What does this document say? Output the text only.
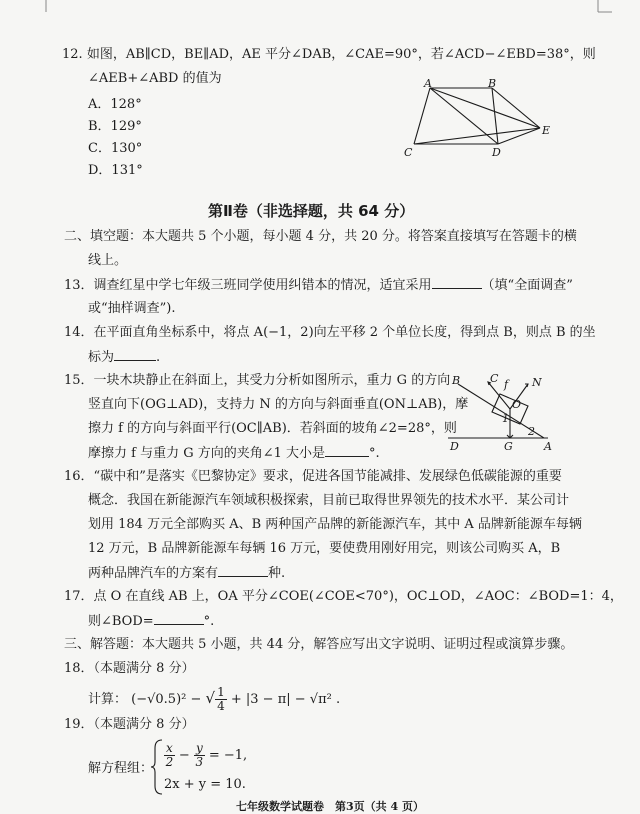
12. 如图，AB∥CD，BE∥AD，AE 平分∠DAB，∠CAE=90°，若∠ACD−∠EBD=38°，则
∠AEB+∠ABD 的值为
A．128°
B．129°
C．130°
D．131°
A	B
C	D
E
第Ⅱ卷（非选择题，共 64 分）
二、填空题：本大题共 5 个小题，每小题 4 分，共 20 分。将答案直接填写在答题卡的横
线上。
13．调查红星中学七年级三班同学使用纠错本的情况，适宜采用	（填“全面调查”
或“抽样调查”).
14．在平面直角坐标系中，将点 A(−1，2)向左平移 2 个单位长度，得到点 B，则点 B 的坐
标为	.
15．一块木块静止在斜面上，其受力分析如图所示，重力 G 的方向
竖直向下(OG⊥AD)，支持力 N 的方向与斜面垂直(ON⊥AB)，摩
擦力 f 的方向与斜面平行(OC∥AB)．若斜面的坡角∠2=28°，则
摩擦力 f 与重力 G 方向的夹角∠1 大小是	°.
B	C	N
f
O
1
D	G
2
A
16．“碳中和”是落实《巴黎协定》要求，促进各国节能减排、发展绿色低碳能源的重要
概念．我国在新能源汽车领域积极探索，目前已取得世界领先的技术水平．某公司计
划用 184 万元全部购买 A、B 两种国产品牌的新能源汽车，其中 A 品牌新能源车每辆
12 万元，B 品牌新能源车每辆 16 万元，要使费用刚好用完，则该公司购买 A，B
两种品牌汽车的方案有	种.
17．点 O 在直线 AB 上，OA 平分∠COE(∠COE<70°)，OC⊥OD，∠AOC：∠BOD=1：4，
则∠BOD=	°.
三、解答题：本大题共 5 小题，共 44 分，解答应写出文字说明、证明过程或演算步骤。
18．（本题满分 8 分）
计算： (−√0.5)² − √ $\frac{1}{4} + |3 - \pi| - √\pi^2$ .
19．（本题满分 8 分）
解方程组： $\frac{x}{2} - \frac{y}{3} = -1$,
2x + y = 10.
七年级数学试题卷　第3页（共 4 页）
